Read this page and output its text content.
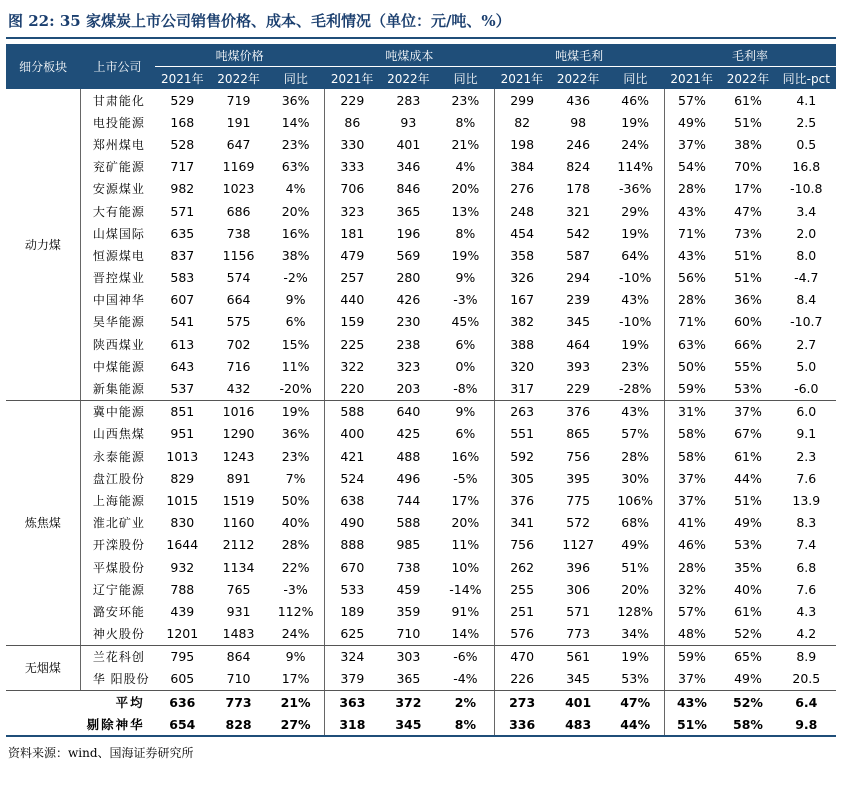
图 22: 35 家煤炭上市公司销售价格、成本、毛利情况（单位：元/吨、%）
细分板块	上市公司	吨煤价格			吨煤成本			吨煤毛利			毛利率		
		2021年	2022年	同比	2021年	2022年	同比	2021年	2022年	同比	2021年	2022年	同比-pct
动力煤	甘肃能化	529	719	36%	229	283	23%	299	436	46%	57%	61%	4.1
	电投能源	168	191	14%	86	93	8%	82	98	19%	49%	51%	2.5
	郑州煤电	528	647	23%	330	401	21%	198	246	24%	37%	38%	0.5
	兖矿能源	717	1169	63%	333	346	4%	384	824	114%	54%	70%	16.8
	安源煤业	982	1023	4%	706	846	20%	276	178	-36%	28%	17%	-10.8
	大有能源	571	686	20%	323	365	13%	248	321	29%	43%	47%	3.4
	山煤国际	635	738	16%	181	196	8%	454	542	19%	71%	73%	2.0
	恒源煤电	837	1156	38%	479	569	19%	358	587	64%	43%	51%	8.0
	晋控煤业	583	574	-2%	257	280	9%	326	294	-10%	56%	51%	-4.7
	中国神华	607	664	9%	440	426	-3%	167	239	43%	28%	36%	8.4
	昊华能源	541	575	6%	159	230	45%	382	345	-10%	71%	60%	-10.7
	陕西煤业	613	702	15%	225	238	6%	388	464	19%	63%	66%	2.7
	中煤能源	643	716	11%	322	323	0%	320	393	23%	50%	55%	5.0
	新集能源	537	432	-20%	220	203	-8%	317	229	-28%	59%	53%	-6.0
炼焦煤	冀中能源	851	1016	19%	588	640	9%	263	376	43%	31%	37%	6.0
	山西焦煤	951	1290	36%	400	425	6%	551	865	57%	58%	67%	9.1
	永泰能源	1013	1243	23%	421	488	16%	592	756	28%	58%	61%	2.3
	盘江股份	829	891	7%	524	496	-5%	305	395	30%	37%	44%	7.6
	上海能源	1015	1519	50%	638	744	17%	376	775	106%	37%	51%	13.9
	淮北矿业	830	1160	40%	490	588	20%	341	572	68%	41%	49%	8.3
	开滦股份	1644	2112	28%	888	985	11%	756	1127	49%	46%	53%	7.4
	平煤股份	932	1134	22%	670	738	10%	262	396	51%	28%	35%	6.8
	辽宁能源	788	765	-3%	533	459	-14%	255	306	20%	32%	40%	7.6
	潞安环能	439	931	112%	189	359	91%	251	571	128%	57%	61%	4.3
	神火股份	1201	1483	24%	625	710	14%	576	773	34%	48%	52%	4.2
无烟煤	兰花科创	795	864	9%	324	303	-6%	470	561	19%	59%	65%	8.9
	华 阳股份	605	710	17%	379	365	-4%	226	345	53%	37%	49%	20.5
平均		636	773	21%	363	372	2%	273	401	47%	43%	52%	6.4
剔除神华		654	828	27%	318	345	8%	336	483	44%	51%	58%	9.8
资料来源：wind、国海证券研究所
